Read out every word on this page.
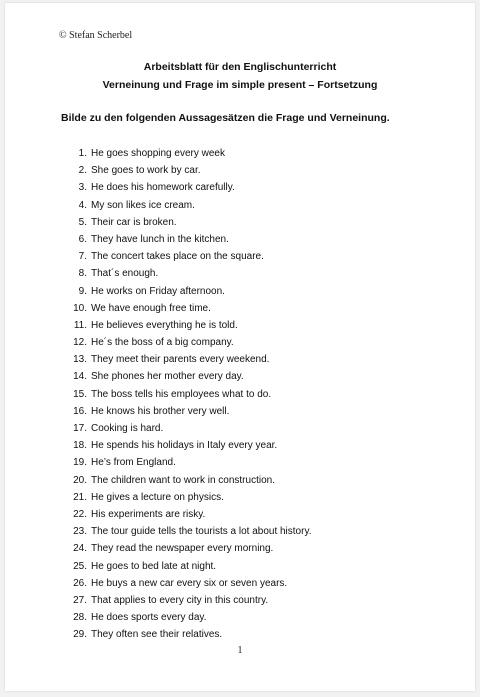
© Stefan Scherbel
Arbeitsblatt für den Englischunterricht
Verneinung und Frage im simple present – Fortsetzung
Bilde zu den folgenden Aussagesätzen die Frage und Verneinung.
1. He goes shopping every week
2. She goes to work by car.
3. He does his homework carefully.
4. My son likes ice cream.
5. Their car is broken.
6. They have lunch in the kitchen.
7. The concert takes place on the square.
8. That´s enough.
9. He works on Friday afternoon.
10. We have enough free time.
11. He believes everything he is told.
12. He´s the boss of a big company.
13. They meet their parents every weekend.
14. She phones her mother every day.
15. The boss tells his employees what to do.
16. He knows his brother very well.
17. Cooking is hard.
18. He spends his holidays in Italy every year.
19. He’s from England.
20. The children want to work in construction.
21. He gives a lecture on physics.
22. His experiments are risky.
23. The tour guide tells the tourists a lot about history.
24. They read the newspaper every morning.
25. He goes to bed late at night.
26. He buys a new car every six or seven years.
27. That applies to every city in this country.
28. He does sports every day.
29. They often see their relatives.
1
